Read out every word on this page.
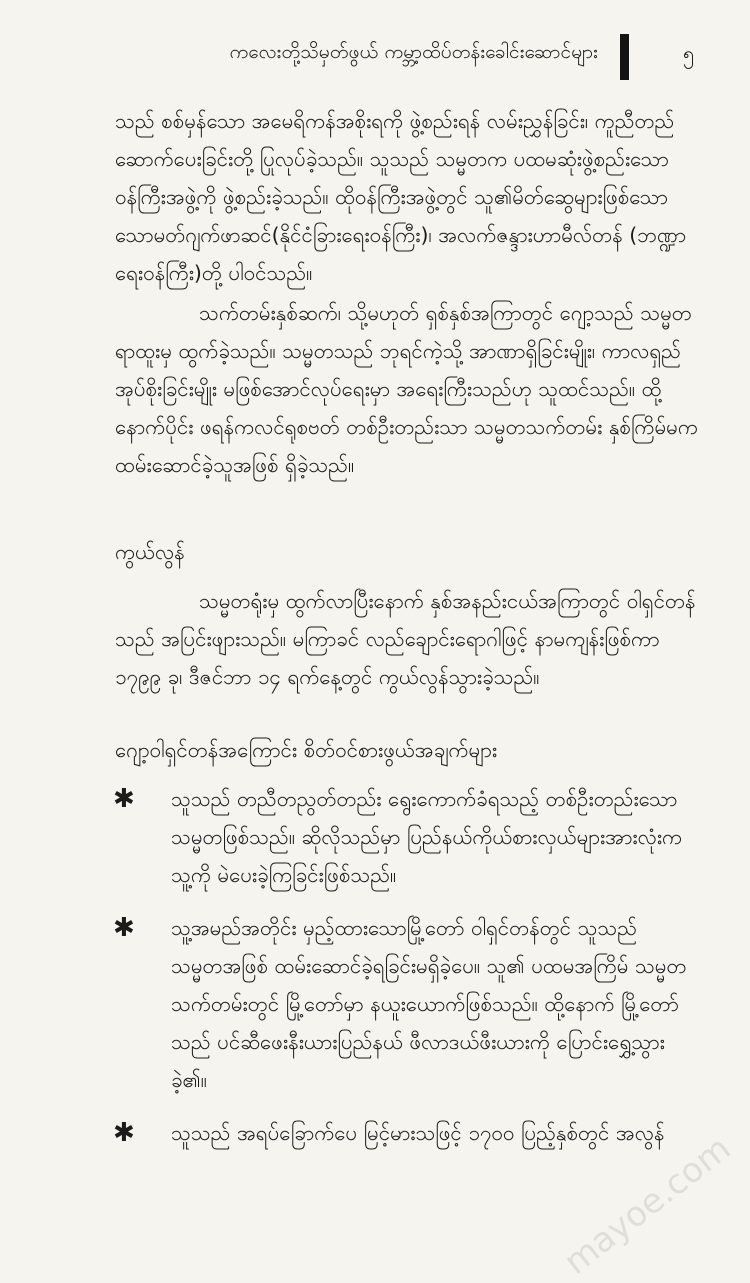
ကလေးတို့သိမှတ်ဖွယ် ကမ္ဘာ့ထိပ်တန်းခေါင်းဆောင်များ	၅

သည် စစ်မှန်သော အမေရိကန်အစိုးရကို ဖွဲ့စည်းရန် လမ်းညွှန်ခြင်း၊ ကူညီတည်

ဆောက်ပေးခြင်းတို့ ပြုလုပ်ခဲ့သည်။ သူသည် သမ္မတက ပထမဆုံးဖွဲ့စည်းသော

ဝန်ကြီးအဖွဲ့ကို ဖွဲ့စည်းခဲ့သည်။ ထိုဝန်ကြီးအဖွဲ့တွင် သူ၏မိတ်ဆွေများဖြစ်သော

သောမတ်ဂျက်ဖာဆင်(နိုင်ငံခြားရေးဝန်ကြီး)၊ အလက်ဇန္ဒားဟာမီလ်တန် (ဘဏ္ဍာ

ရေးဝန်ကြီး)တို့ ပါဝင်သည်။

သက်တမ်းနှစ်ဆက်၊ သို့မဟုတ် ရှစ်နှစ်အကြာတွင် ဂျော့သည် သမ္မတ

ရာထူးမှ ထွက်ခဲ့သည်။ သမ္မတသည် ဘုရင်ကဲ့သို့ အာဏာရှိခြင်းမျိုး၊ ကာလရှည်

အုပ်စိုးခြင်းမျိုး မဖြစ်အောင်လုပ်ရေးမှာ အရေးကြီးသည်ဟု သူထင်သည်။ ထို့

နောက်ပိုင်း ဖရန်ကလင်ရုစဗတ် တစ်ဦးတည်းသာ သမ္မတသက်တမ်း နှစ်ကြိမ်မက

ထမ်းဆောင်ခဲ့သူအဖြစ် ရှိခဲ့သည်။

ကွယ်လွန်

သမ္မတရုံးမှ ထွက်လာပြီးနောက် နှစ်အနည်းငယ်အကြာတွင် ဝါရှင်တန်

သည် အပြင်းဖျားသည်။ မကြာခင် လည်ချောင်းရောဂါဖြင့် နာမကျန်းဖြစ်ကာ

၁၇၉၉ ခု၊ ဒီဇင်ဘာ ၁၄ ရက်နေ့တွင် ကွယ်လွန်သွားခဲ့သည်။

ဂျော့ဝါရှင်တန်အကြောင်း စိတ်ဝင်စားဖွယ်အချက်များ
✱	သူသည် တညီတညွတ်တည်း ရွေးကောက်ခံရသည့် တစ်ဦးတည်းသော

သမ္မတဖြစ်သည်။ ဆိုလိုသည်မှာ ပြည်နယ်ကိုယ်စားလှယ်များအားလုံးက

သူ့ကို မဲပေးခဲ့ကြခြင်းဖြစ်သည်။

✱	သူ့အမည်အတိုင်း မှည့်ထားသောမြို့တော် ဝါရှင်တန်တွင် သူသည်

သမ္မတအဖြစ် ထမ်းဆောင်ခဲ့ရခြင်းမရှိခဲ့ပေ။ သူ၏ ပထမအကြိမ် သမ္မတ

သက်တမ်းတွင် မြို့တော်မှာ နယူးယောက်ဖြစ်သည်။ ထို့နောက် မြို့တော်

သည် ပင်ဆီဖေးနီးယားပြည်နယ် ဖီလာဒယ်ဖီးယားကို ပြောင်းရွှေ့သွား

ခဲ့၏။

✱	သူသည် အရပ်ခြောက်ပေ မြင့်မားသဖြင့် ၁၇၀၀ ပြည့်နှစ်တွင် အလွန်

mayoe.com
